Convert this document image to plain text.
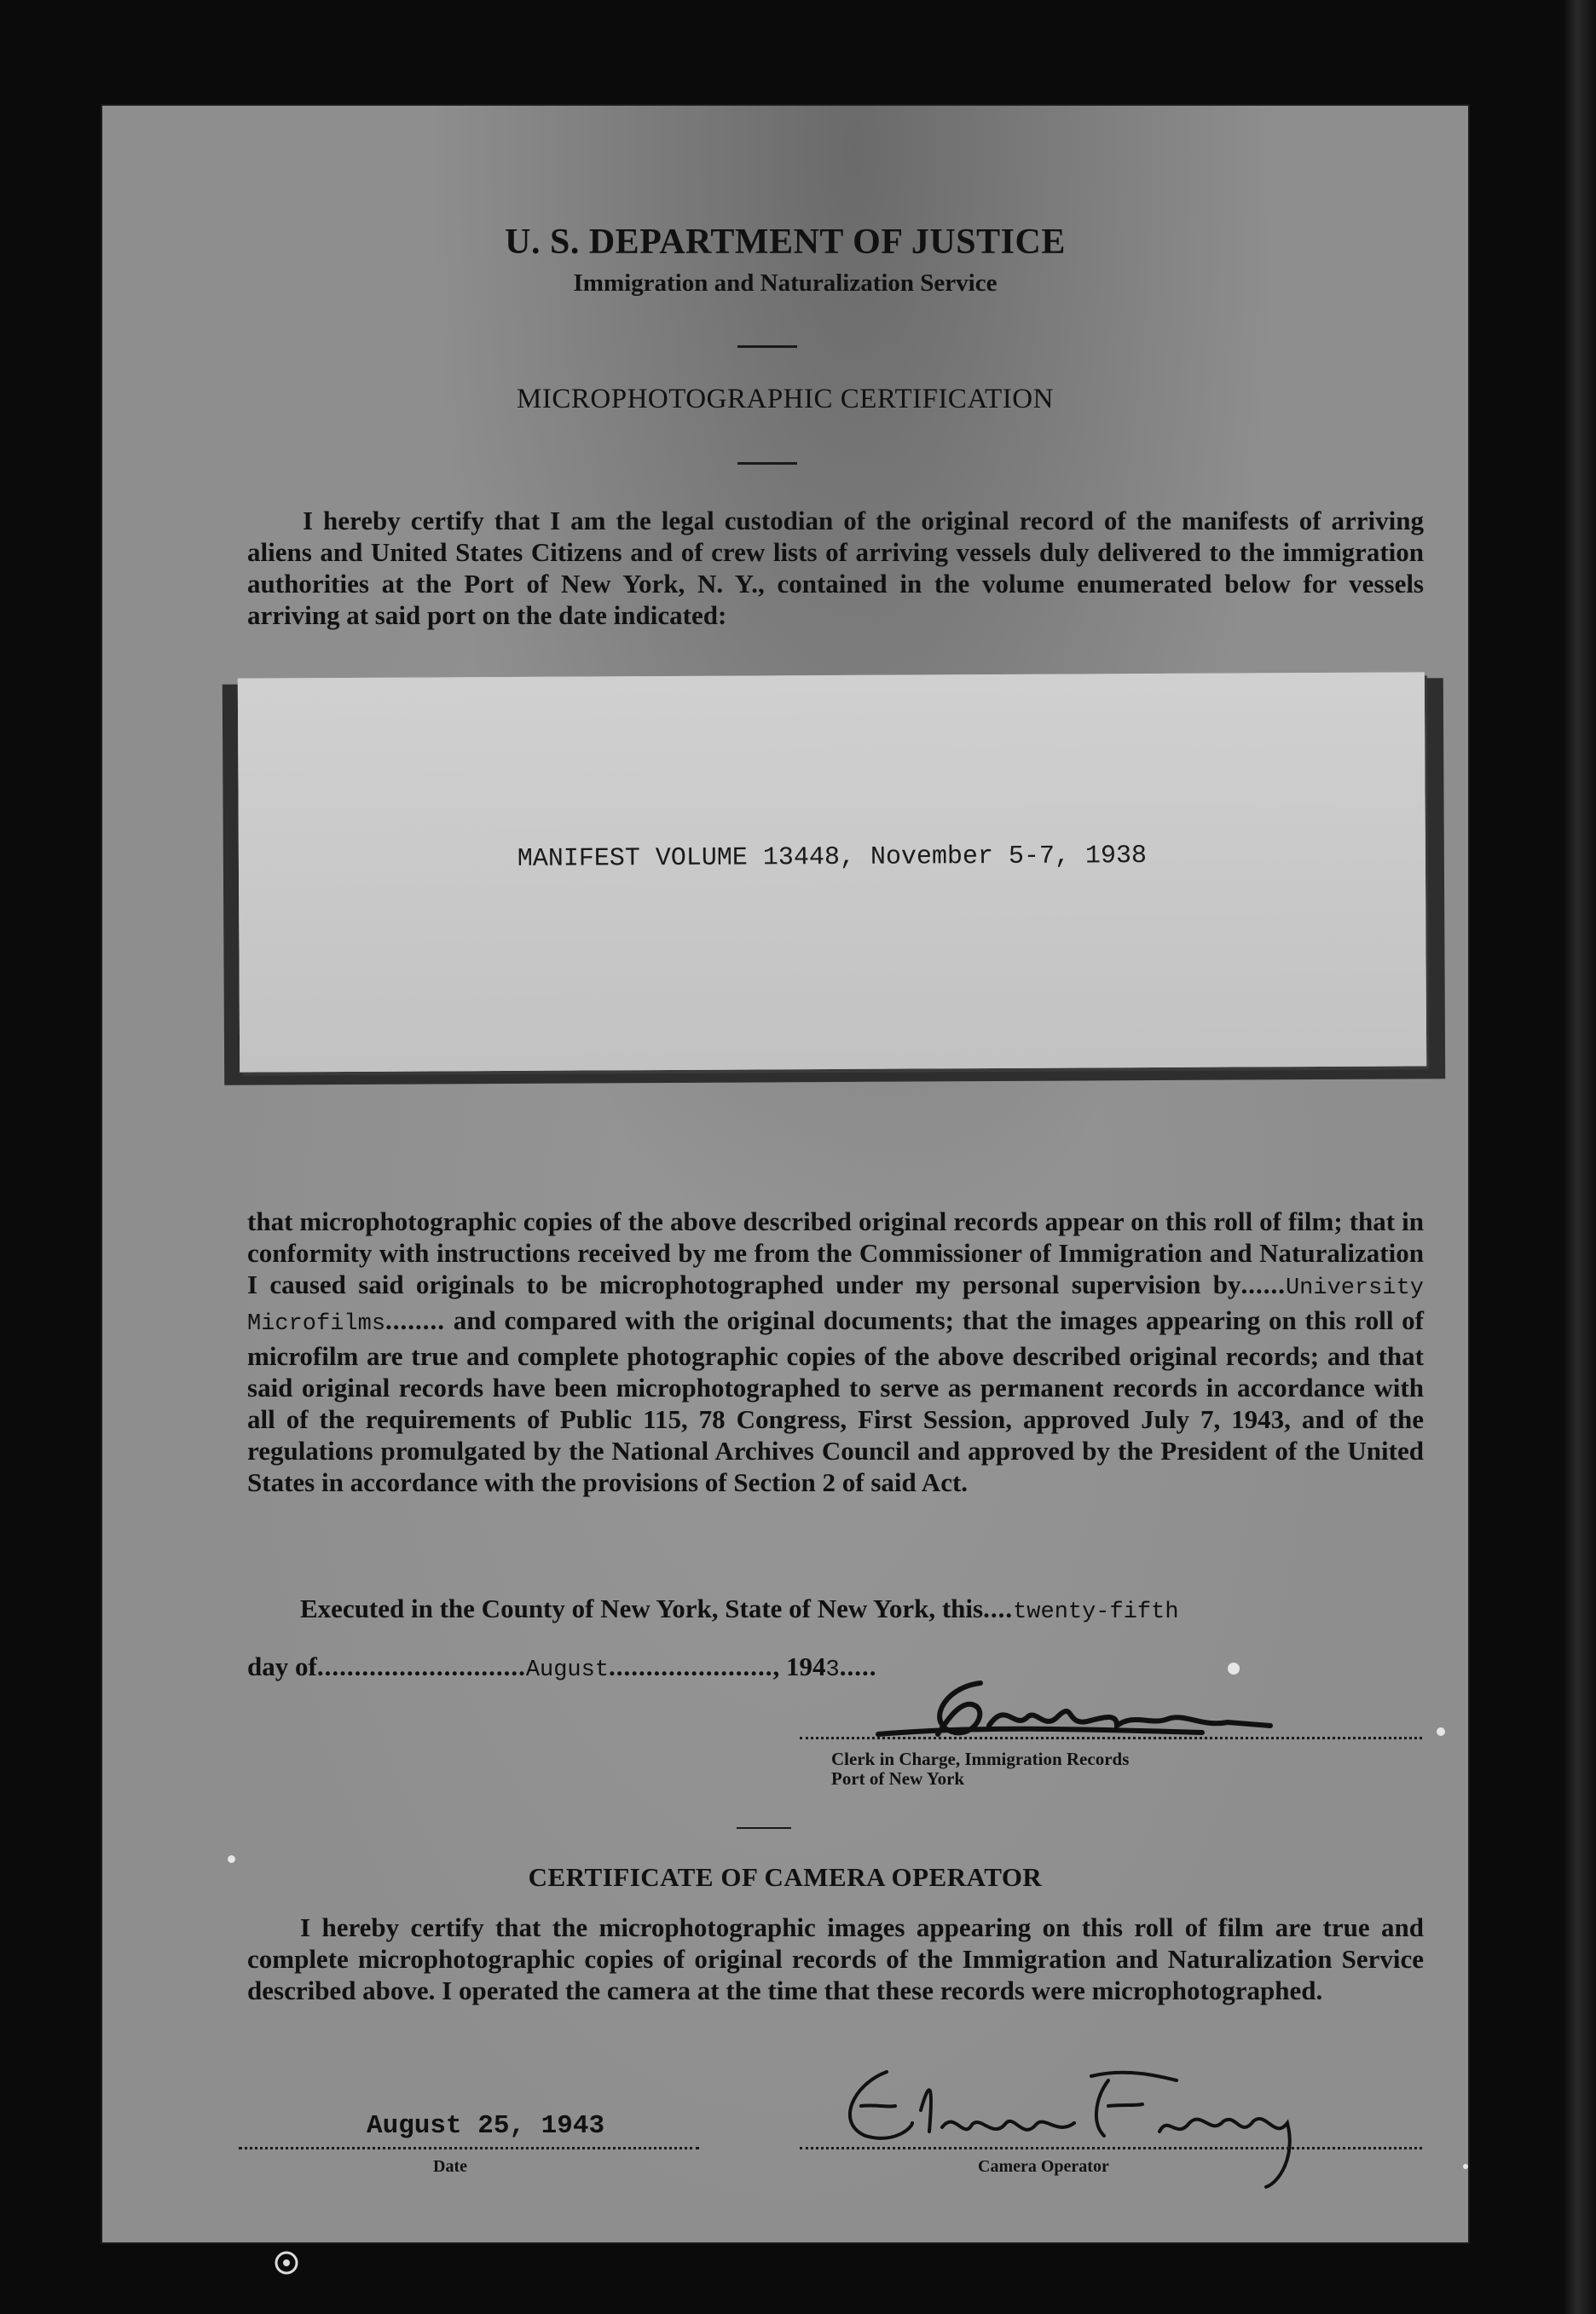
U. S. DEPARTMENT OF JUSTICE
Immigration and Naturalization Service
MICROPHOTOGRAPHIC CERTIFICATION
I hereby certify that I am the legal custodian of the original record of the manifests of arriving aliens and United States Citizens and of crew lists of arriving vessels duly delivered to the immigration authorities at the Port of New York, N. Y., contained in the volume enumerated below for vessels arriving at said port on the date indicated:
MANIFEST VOLUME 13448, November 5-7, 1938
that microphotographic copies of the above described original records appear on this roll of film; that in conformity with instructions received by me from the Commissioner of Immigration and Naturalization I caused said originals to be microphotographed under my personal supervision by......University Microfilms........ and compared with the original documents; that the images appearing on this roll of microfilm are true and complete photographic copies of the above described original records; and that said original records have been microphotographed to serve as permanent records in accordance with all of the requirements of Public 115, 78 Congress, First Session, approved July 7, 1943, and of the regulations promulgated by the National Archives Council and approved by the President of the United States in accordance with the provisions of Section 2 of said Act.
Executed in the County of New York, State of New York, this....twenty-fifth
day of............................August......................, 1943.....
Clerk in Charge, Immigration Records
Port of New York
CERTIFICATE OF CAMERA OPERATOR
I hereby certify that the microphotographic images appearing on this roll of film are true and complete microphotographic copies of original records of the Immigration and Naturalization Service described above. I operated the camera at the time that these records were microphotographed.
August 25, 1943
Date	Camera Operator
